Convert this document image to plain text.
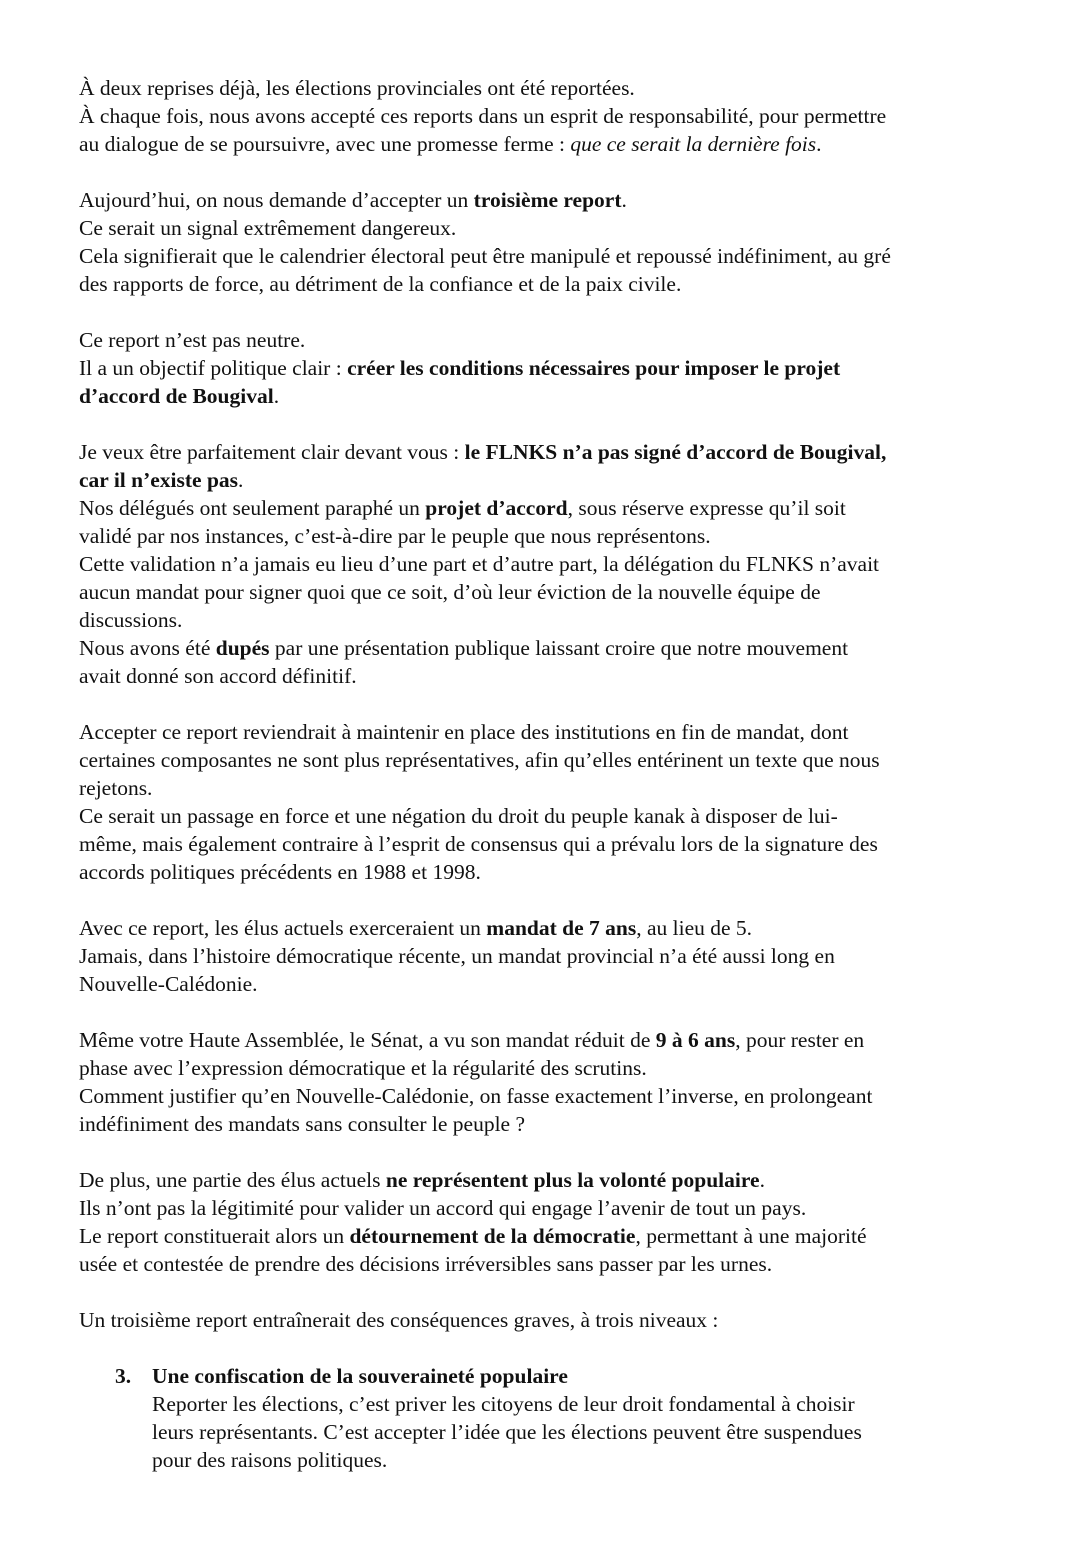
À deux reprises déjà, les élections provinciales ont été reportées.
À chaque fois, nous avons accepté ces reports dans un esprit de responsabilité, pour permettre
au dialogue de se poursuivre, avec une promesse ferme : que ce serait la dernière fois.

Aujourd’hui, on nous demande d’accepter un troisième report.
Ce serait un signal extrêmement dangereux.
Cela signifierait que le calendrier électoral peut être manipulé et repoussé indéfiniment, au gré
des rapports de force, au détriment de la confiance et de la paix civile.

Ce report n’est pas neutre.
Il a un objectif politique clair : créer les conditions nécessaires pour imposer le projet
d’accord de Bougival.

Je veux être parfaitement clair devant vous : le FLNKS n’a pas signé d’accord de Bougival,
car il n’existe pas.
Nos délégués ont seulement paraphé un projet d’accord, sous réserve expresse qu’il soit
validé par nos instances, c’est-à-dire par le peuple que nous représentons.
Cette validation n’a jamais eu lieu d’une part et d’autre part, la délégation du FLNKS n’avait
aucun mandat pour signer quoi que ce soit, d’où leur éviction de la nouvelle équipe de
discussions.
Nous avons été dupés par une présentation publique laissant croire que notre mouvement
avait donné son accord définitif.

Accepter ce report reviendrait à maintenir en place des institutions en fin de mandat, dont
certaines composantes ne sont plus représentatives, afin qu’elles entérinent un texte que nous
rejetons.
Ce serait un passage en force et une négation du droit du peuple kanak à disposer de lui-
même, mais également contraire à l’esprit de consensus qui a prévalu lors de la signature des
accords politiques précédents en 1988 et 1998.

Avec ce report, les élus actuels exerceraient un mandat de 7 ans, au lieu de 5.
Jamais, dans l’histoire démocratique récente, un mandat provincial n’a été aussi long en
Nouvelle-Calédonie.

Même votre Haute Assemblée, le Sénat, a vu son mandat réduit de 9 à 6 ans, pour rester en
phase avec l’expression démocratique et la régularité des scrutins.
Comment justifier qu’en Nouvelle-Calédonie, on fasse exactement l’inverse, en prolongeant
indéfiniment des mandats sans consulter le peuple ?

De plus, une partie des élus actuels ne représentent plus la volonté populaire.
Ils n’ont pas la légitimité pour valider un accord qui engage l’avenir de tout un pays.
Le report constituerait alors un détournement de la démocratie, permettant à une majorité
usée et contestée de prendre des décisions irréversibles sans passer par les urnes.

Un troisième report entraînerait des conséquences graves, à trois niveaux :

3. Une confiscation de la souveraineté populaire
Reporter les élections, c’est priver les citoyens de leur droit fondamental à choisir
leurs représentants. C’est accepter l’idée que les élections peuvent être suspendues
pour des raisons politiques.
